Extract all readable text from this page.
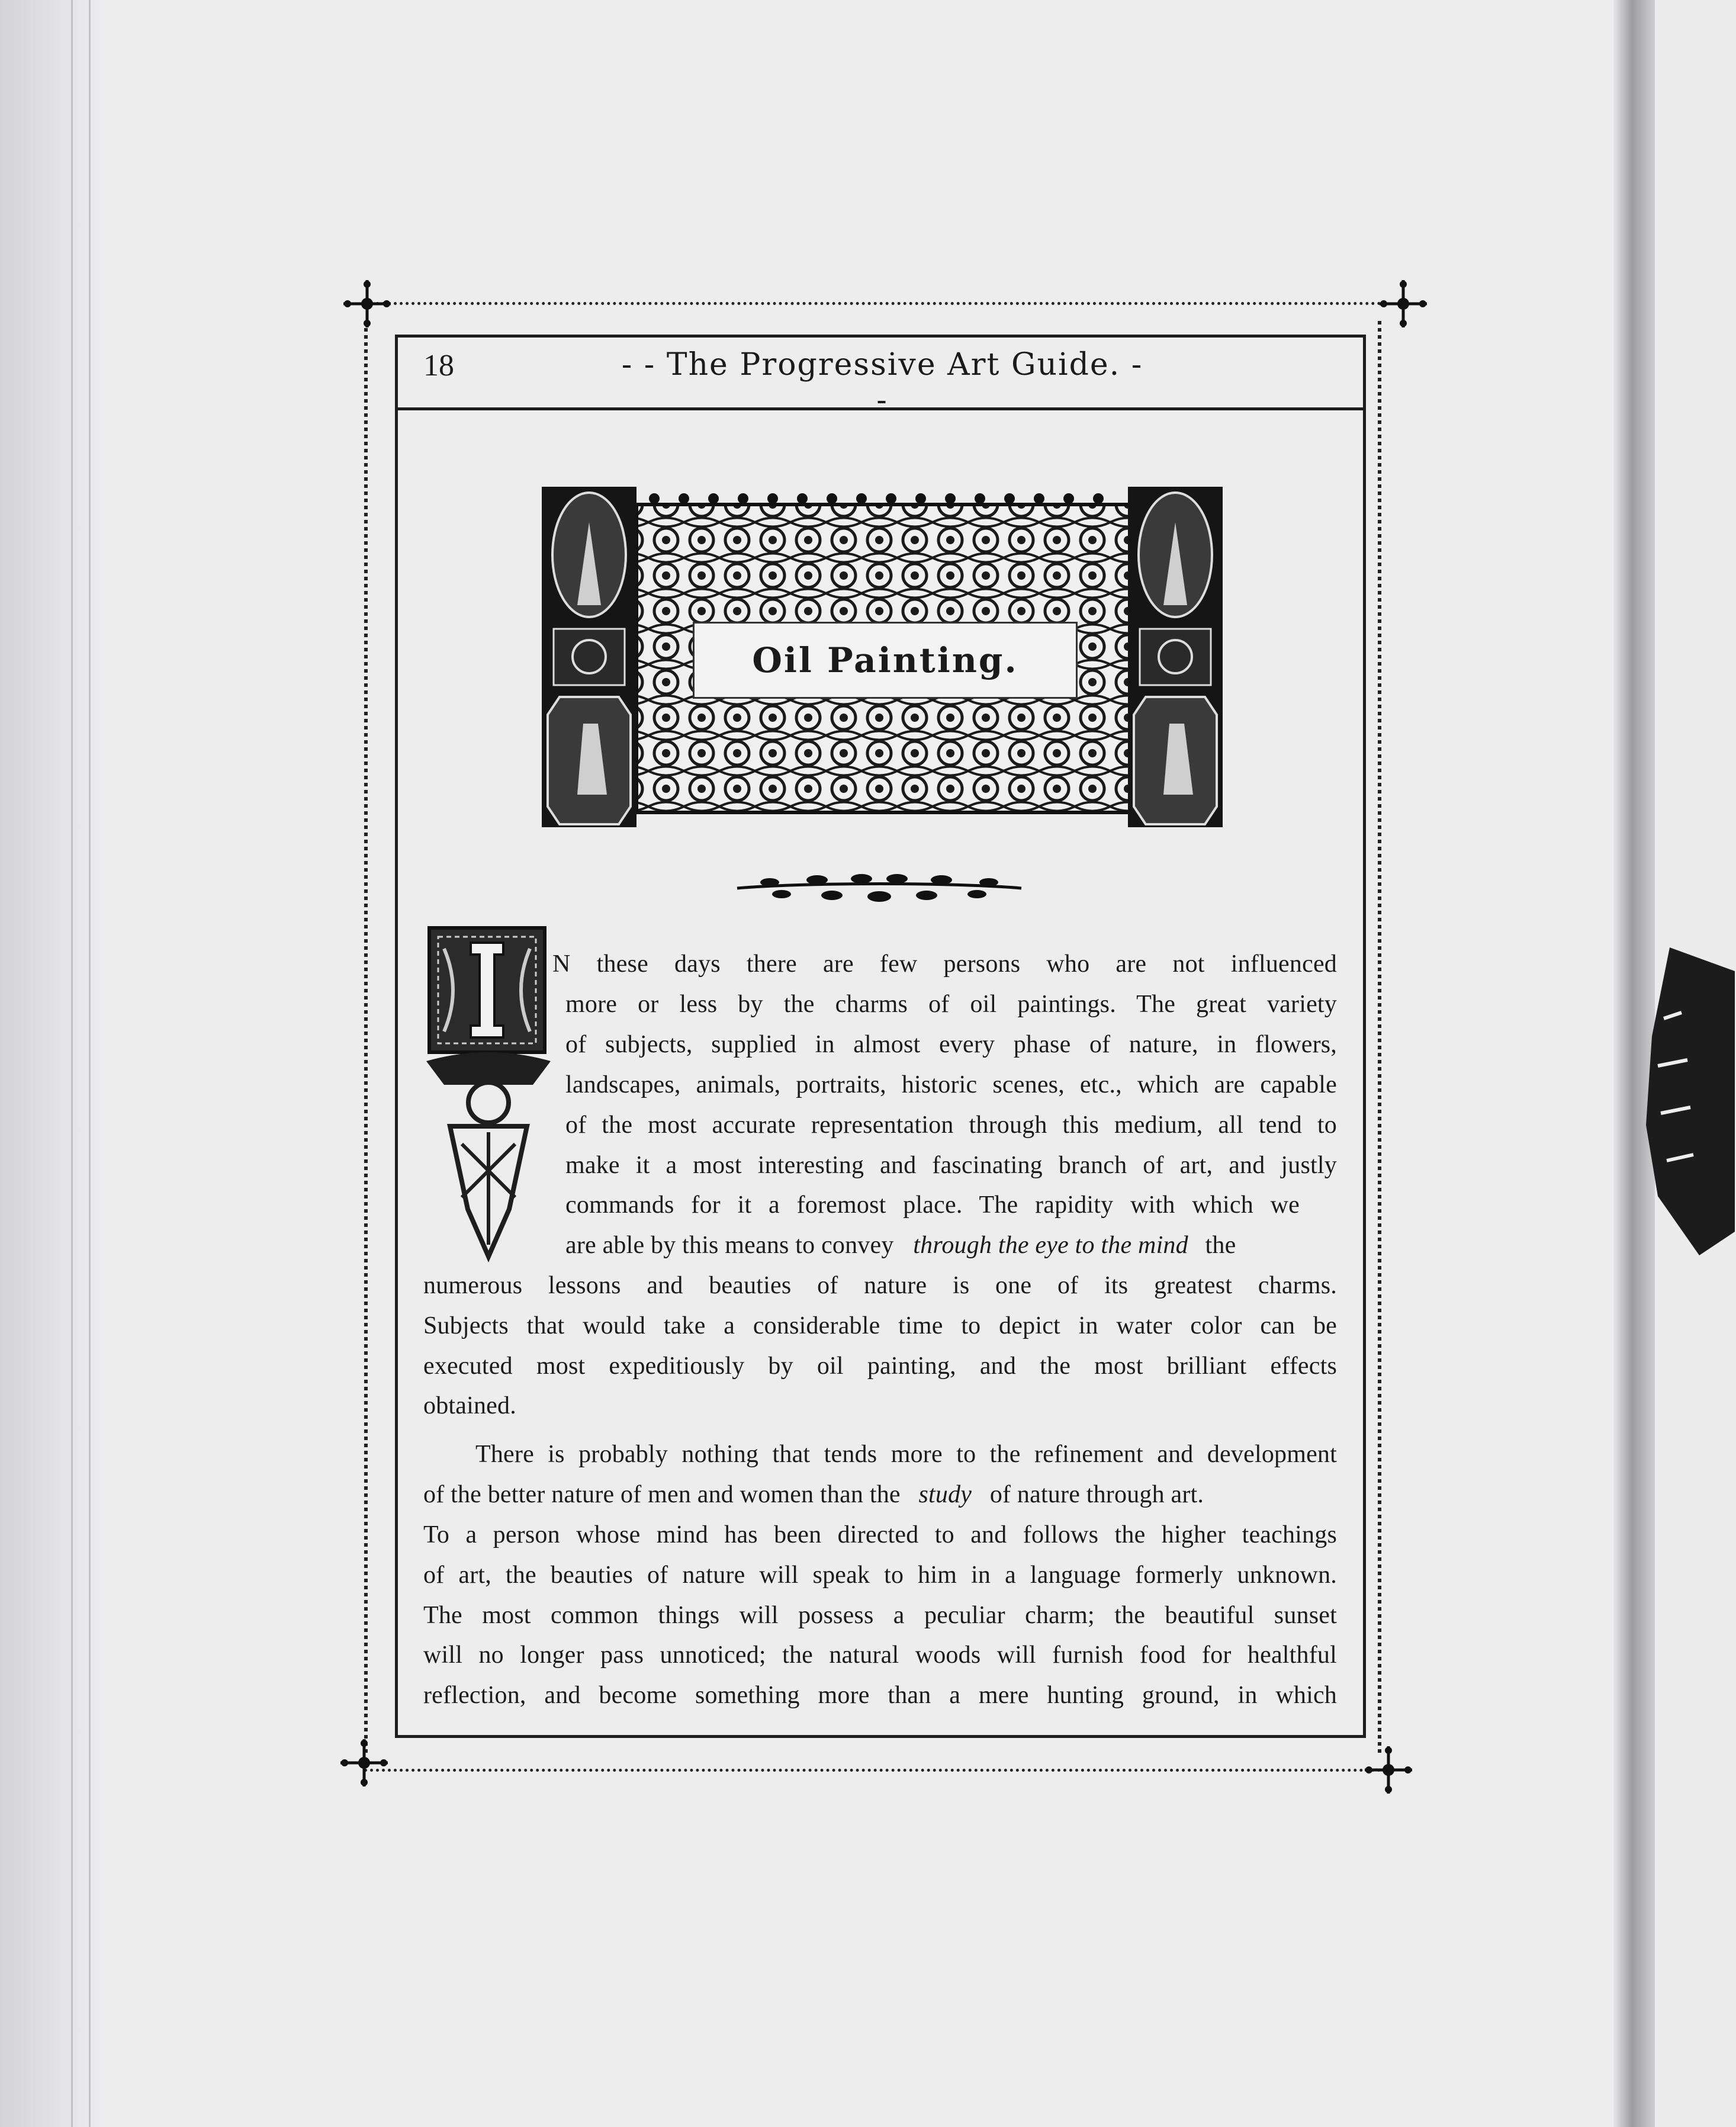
18	- - The Progressive Art Guide. - -
Oil Painting.
N these days there are few persons who are not influenced
more or less by the charms of oil paintings. The great variety
of subjects, supplied in almost every phase of nature, in flowers,
landscapes, animals, portraits, historic scenes, etc., which are capable
of the most accurate representation through this medium, all tend to
make it a most interesting and fascinating branch of art, and justly
commands for it a foremost place. The rapidity with which we
are able by this means to convey through the eye to the mind the
numerous lessons and beauties of nature is one of its greatest charms.
Subjects that would take a considerable time to depict in water color can be
executed most expeditiously by oil painting, and the most brilliant effects
obtained.
There is probably nothing that tends more to the refinement and development
of the better nature of men and women than the study of nature through art.
To a person whose mind has been directed to and follows the higher teachings
of art, the beauties of nature will speak to him in a language formerly unknown.
The most common things will possess a peculiar charm; the beautiful sunset
will no longer pass unnoticed; the natural woods will furnish food for healthful
reflection, and become something more than a mere hunting ground, in which
